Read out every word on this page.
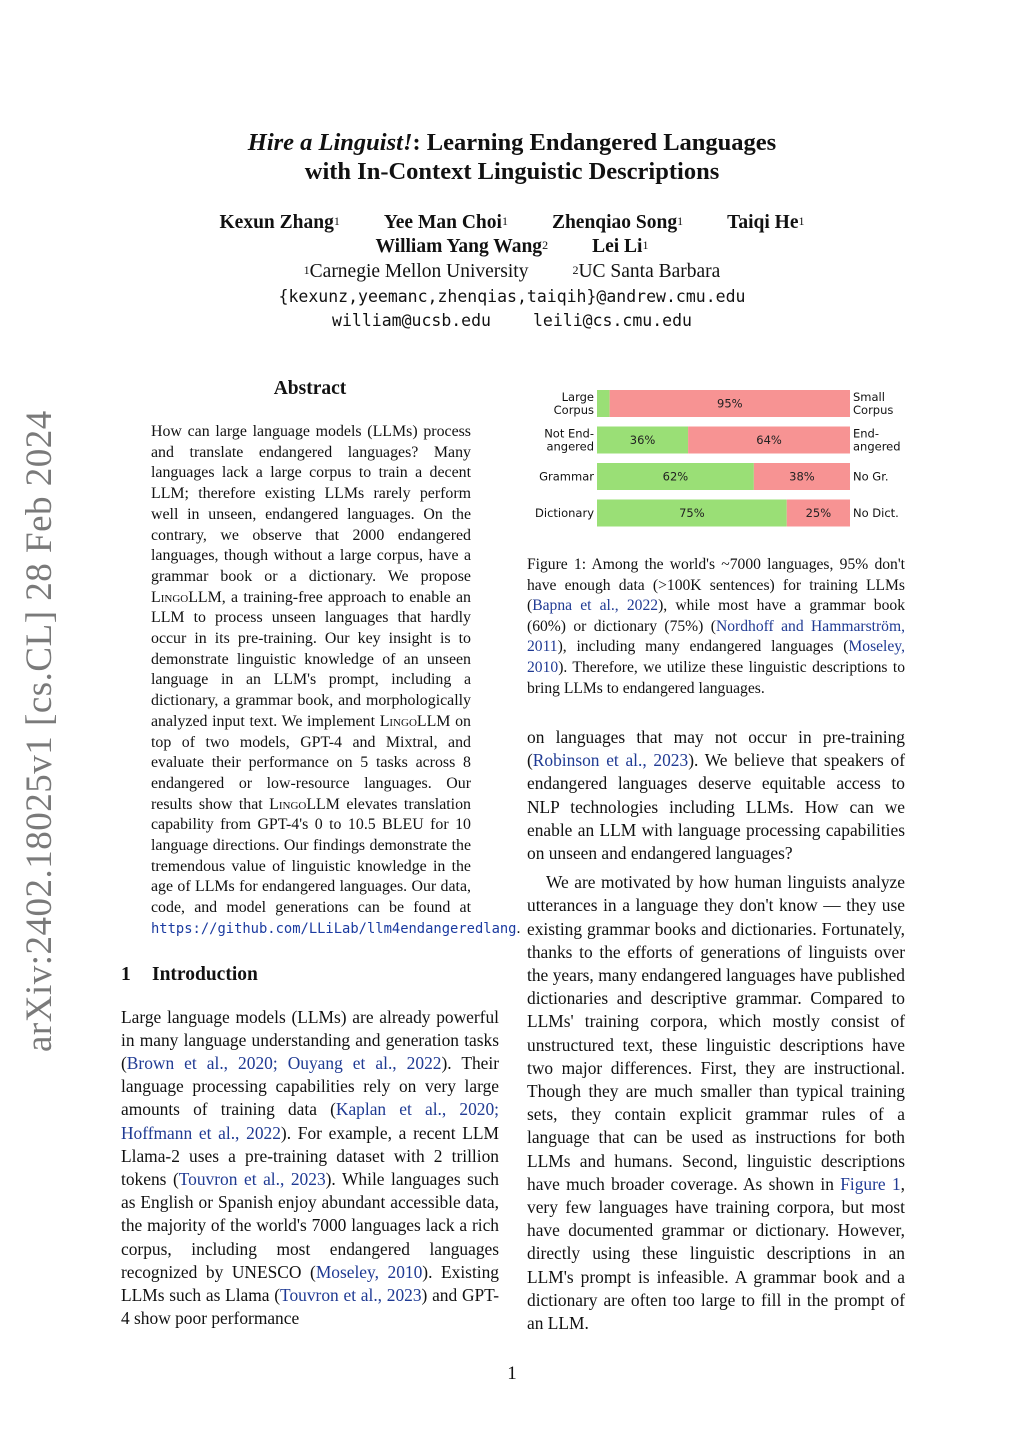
arXiv:2402.18025v1 [cs.CL] 28 Feb 2024
Hire a Linguist!: Learning Endangered Languages
with In-Context Linguistic Descriptions
Kexun Zhang$^1$ Yee Man Choi$^1$ Zhenqiao Song$^1$ Taiqi He$^1$
William Yang Wang$^2$ Lei Li$^1$
$^1$Carnegie Mellon University	$^2$UC Santa Barbara
{kexunz,yeemanc,zhenqias,taiqih}@andrew.cmu.edu
william@ucsb.edu	leili@cs.cmu.edu
Abstract
How can large language models (LLMs) process and translate endangered languages? Many languages lack a large corpus to train a decent LLM; therefore existing LLMs rarely perform well in unseen, endangered languages. On the contrary, we observe that 2000 endangered languages, though without a large corpus, have a grammar book or a dictionary. We propose LingoLLM, a training-free approach to enable an LLM to process unseen languages that hardly occur in its pre-training. Our key insight is to demonstrate linguistic knowledge of an unseen language in an LLM's prompt, including a dictionary, a grammar book, and morphologically analyzed input text. We implement LingoLLM on top of two models, GPT-4 and Mixtral, and evaluate their performance on 5 tasks across 8 endangered or low-resource languages. Our results show that LingoLLM elevates translation capability from GPT-4's 0 to 10.5 BLEU for 10 language directions. Our findings demonstrate the tremendous value of linguistic knowledge in the age of LLMs for endangered languages. Our data, code, and model generations can be found at https://github.com/LLiLab/llm4endangeredlang.
1 Introduction
Large language models (LLMs) are already powerful in many language understanding and generation tasks (Brown et al., 2020; Ouyang et al., 2022). Their language processing capabilities rely on very large amounts of training data (Kaplan et al., 2020; Hoffmann et al., 2022). For example, a recent LLM Llama-2 uses a pre-training dataset with 2 trillion tokens (Touvron et al., 2023). While languages such as English or Spanish enjoy abundant accessible data, the majority of the world's 7000 languages lack a rich corpus, including most endangered languages recognized by UNESCO (Moseley, 2010). Existing LLMs such as Llama (Touvron et al., 2023) and GPT-4 show poor performance
95%
Large
Corpus
Small
Corpus
36%	64%
Not End-
angered
End-
angered
62%	38%
Grammar	No Gr.
75%	25%
Dictionary	No Dict.
Figure 1: Among the world's ~7000 languages, 95% don't have enough data (>100K sentences) for training LLMs (Bapna et al., 2022), while most have a grammar book (60%) or dictionary (75%) (Nordhoff and Hammarström, 2011), including many endangered languages (Moseley, 2010). Therefore, we utilize these linguistic descriptions to bring LLMs to endangered languages.

on languages that may not occur in pre-training (Robinson et al., 2023). We believe that speakers of endangered languages deserve equitable access to NLP technologies including LLMs. How can we enable an LLM with language processing capabilities on unseen and endangered languages?

We are motivated by how human linguists analyze utterances in a language they don't know — they use existing grammar books and dictionaries. Fortunately, thanks to the efforts of generations of linguists over the years, many endangered languages have published dictionaries and descriptive grammar. Compared to LLMs' training corpora, which mostly consist of unstructured text, these linguistic descriptions have two major differences. First, they are instructional. Though they are much smaller than typical training sets, they contain explicit grammar rules of a language that can be used as instructions for both LLMs and humans. Second, linguistic descriptions have much broader coverage. As shown in Figure 1, very few languages have training corpora, but most have documented grammar or dictionary. However, directly using these linguistic descriptions in an LLM's prompt is infeasible. A grammar book and a dictionary are often too large to fill in the prompt of an LLM.

1
